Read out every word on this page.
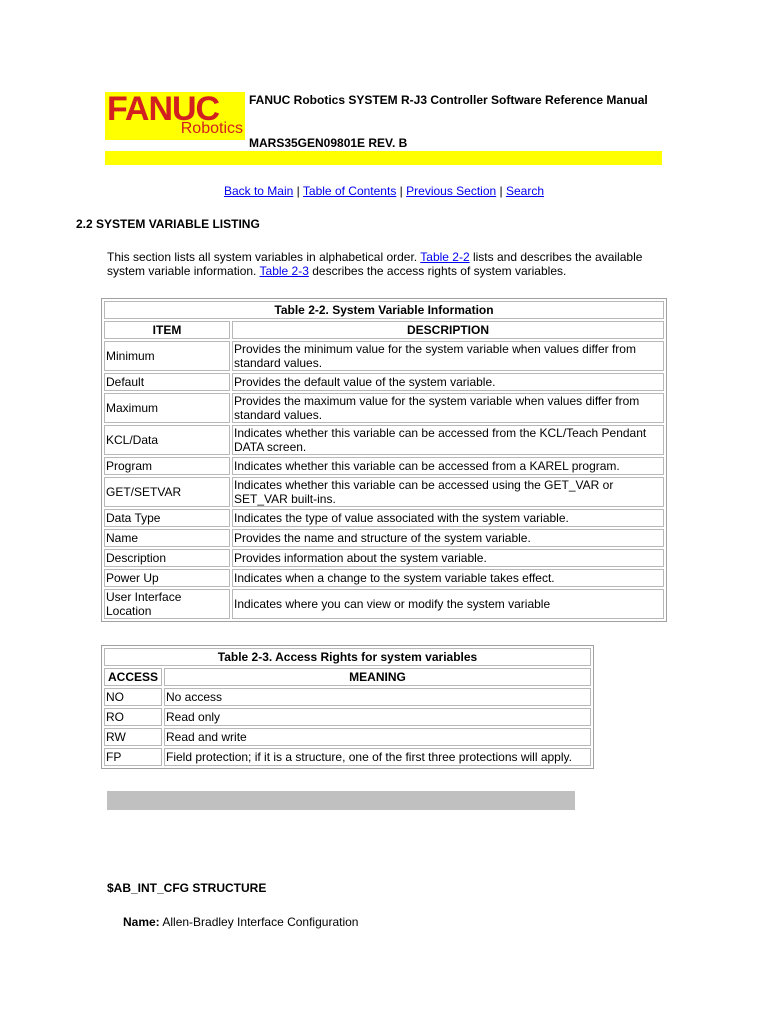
FANUC
Robotics
FANUC Robotics SYSTEM R-J3 Controller Software Reference Manual
MARS35GEN09801E REV. B
Back to Main | Table of Contents | Previous Section | Search
2.2 SYSTEM VARIABLE LISTING
This section lists all system variables in alphabetical order. Table 2-2 lists and describes the available system variable information. Table 2-3 describes the access rights of system variables.
Table 2-2. System Variable Information	
ITEM	DESCRIPTION
Minimum	Provides the minimum value for the system variable when values differ from standard values.
Default	Provides the default value of the system variable.
Maximum	Provides the maximum value for the system variable when values differ from standard values.
KCL/Data	Indicates whether this variable can be accessed from the KCL/Teach Pendant DATA screen.
Program	Indicates whether this variable can be accessed from a KAREL program.
GET/SETVAR	Indicates whether this variable can be accessed using the GET_VAR or SET_VAR built-ins.
Data Type	Indicates the type of value associated with the system variable.
Name	Provides the name and structure of the system variable.
Description	Provides information about the system variable.
Power Up	Indicates when a change to the system variable takes effect.
User Interface Location	Indicates where you can view or modify the system variable
Table 2-3. Access Rights for system variables	
ACCESS	MEANING
NO	No access
RO	Read only
RW	Read and write
FP	Field protection; if it is a structure, one of the first three protections will apply.
$AB_INT_CFG STRUCTURE
Name: Allen-Bradley Interface Configuration
